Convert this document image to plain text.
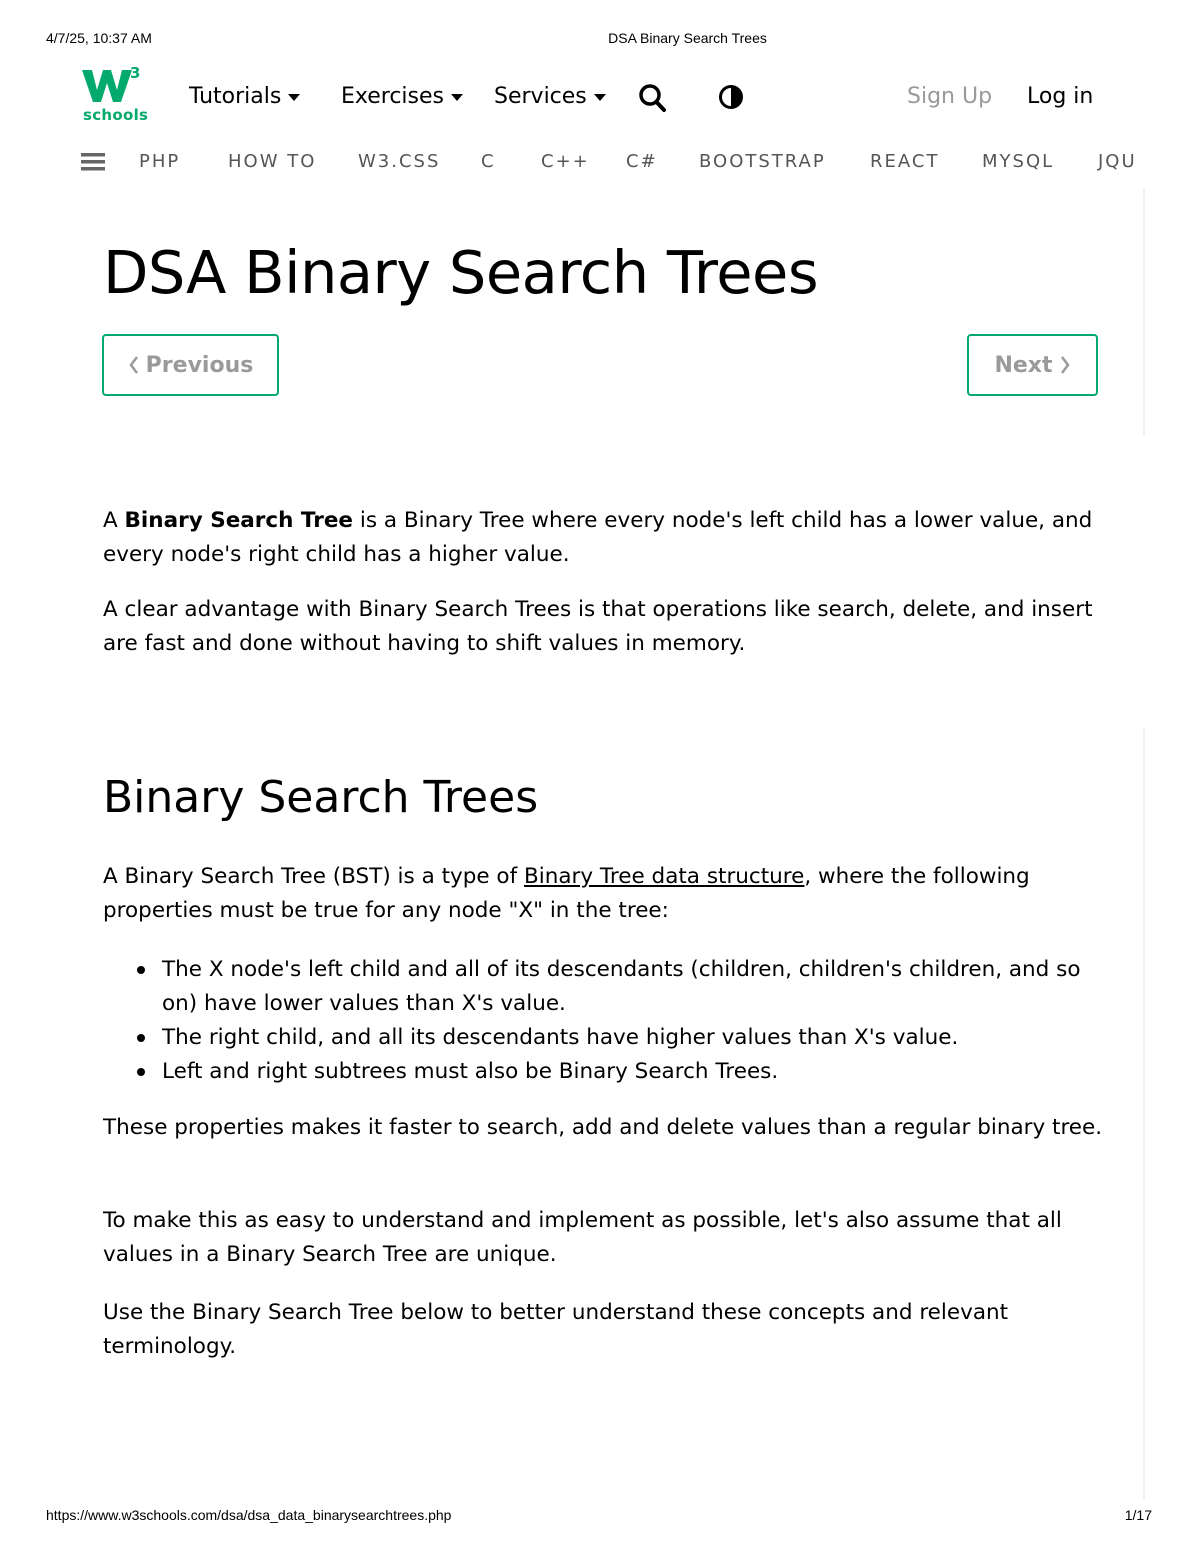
4/7/25, 10:37 AM	DSA Binary Search Trees
3
schools
Tutorials	Exercises Services	Sign Up Log in
PHP	HOW TO W3.CSS C	C++ C# BOOTSTRAP REACT MYSQL JQU
DSA Binary Search Trees
Previous	Next

A Binary Search Tree is a Binary Tree where every node's left child has a lower value, and every node's right child has a higher value.

A clear advantage with Binary Search Trees is that operations like search, delete, and insert are fast and done without having to shift values in memory.

Binary Search Trees

A Binary Search Tree (BST) is a type of Binary Tree data structure, where the following properties must be true for any node "X" in the tree:

The X node's left child and all of its descendants (children, children's children, and so on) have lower values than X's value.
The right child, and all its descendants have higher values than X's value.
Left and right subtrees must also be Binary Search Trees.

These properties makes it faster to search, add and delete values than a regular binary tree.

To make this as easy to understand and implement as possible, let's also assume that all values in a Binary Search Tree are unique.

Use the Binary Search Tree below to better understand these concepts and relevant terminology.

https://www.w3schools.com/dsa/dsa_data_binarysearchtrees.php	1/17
